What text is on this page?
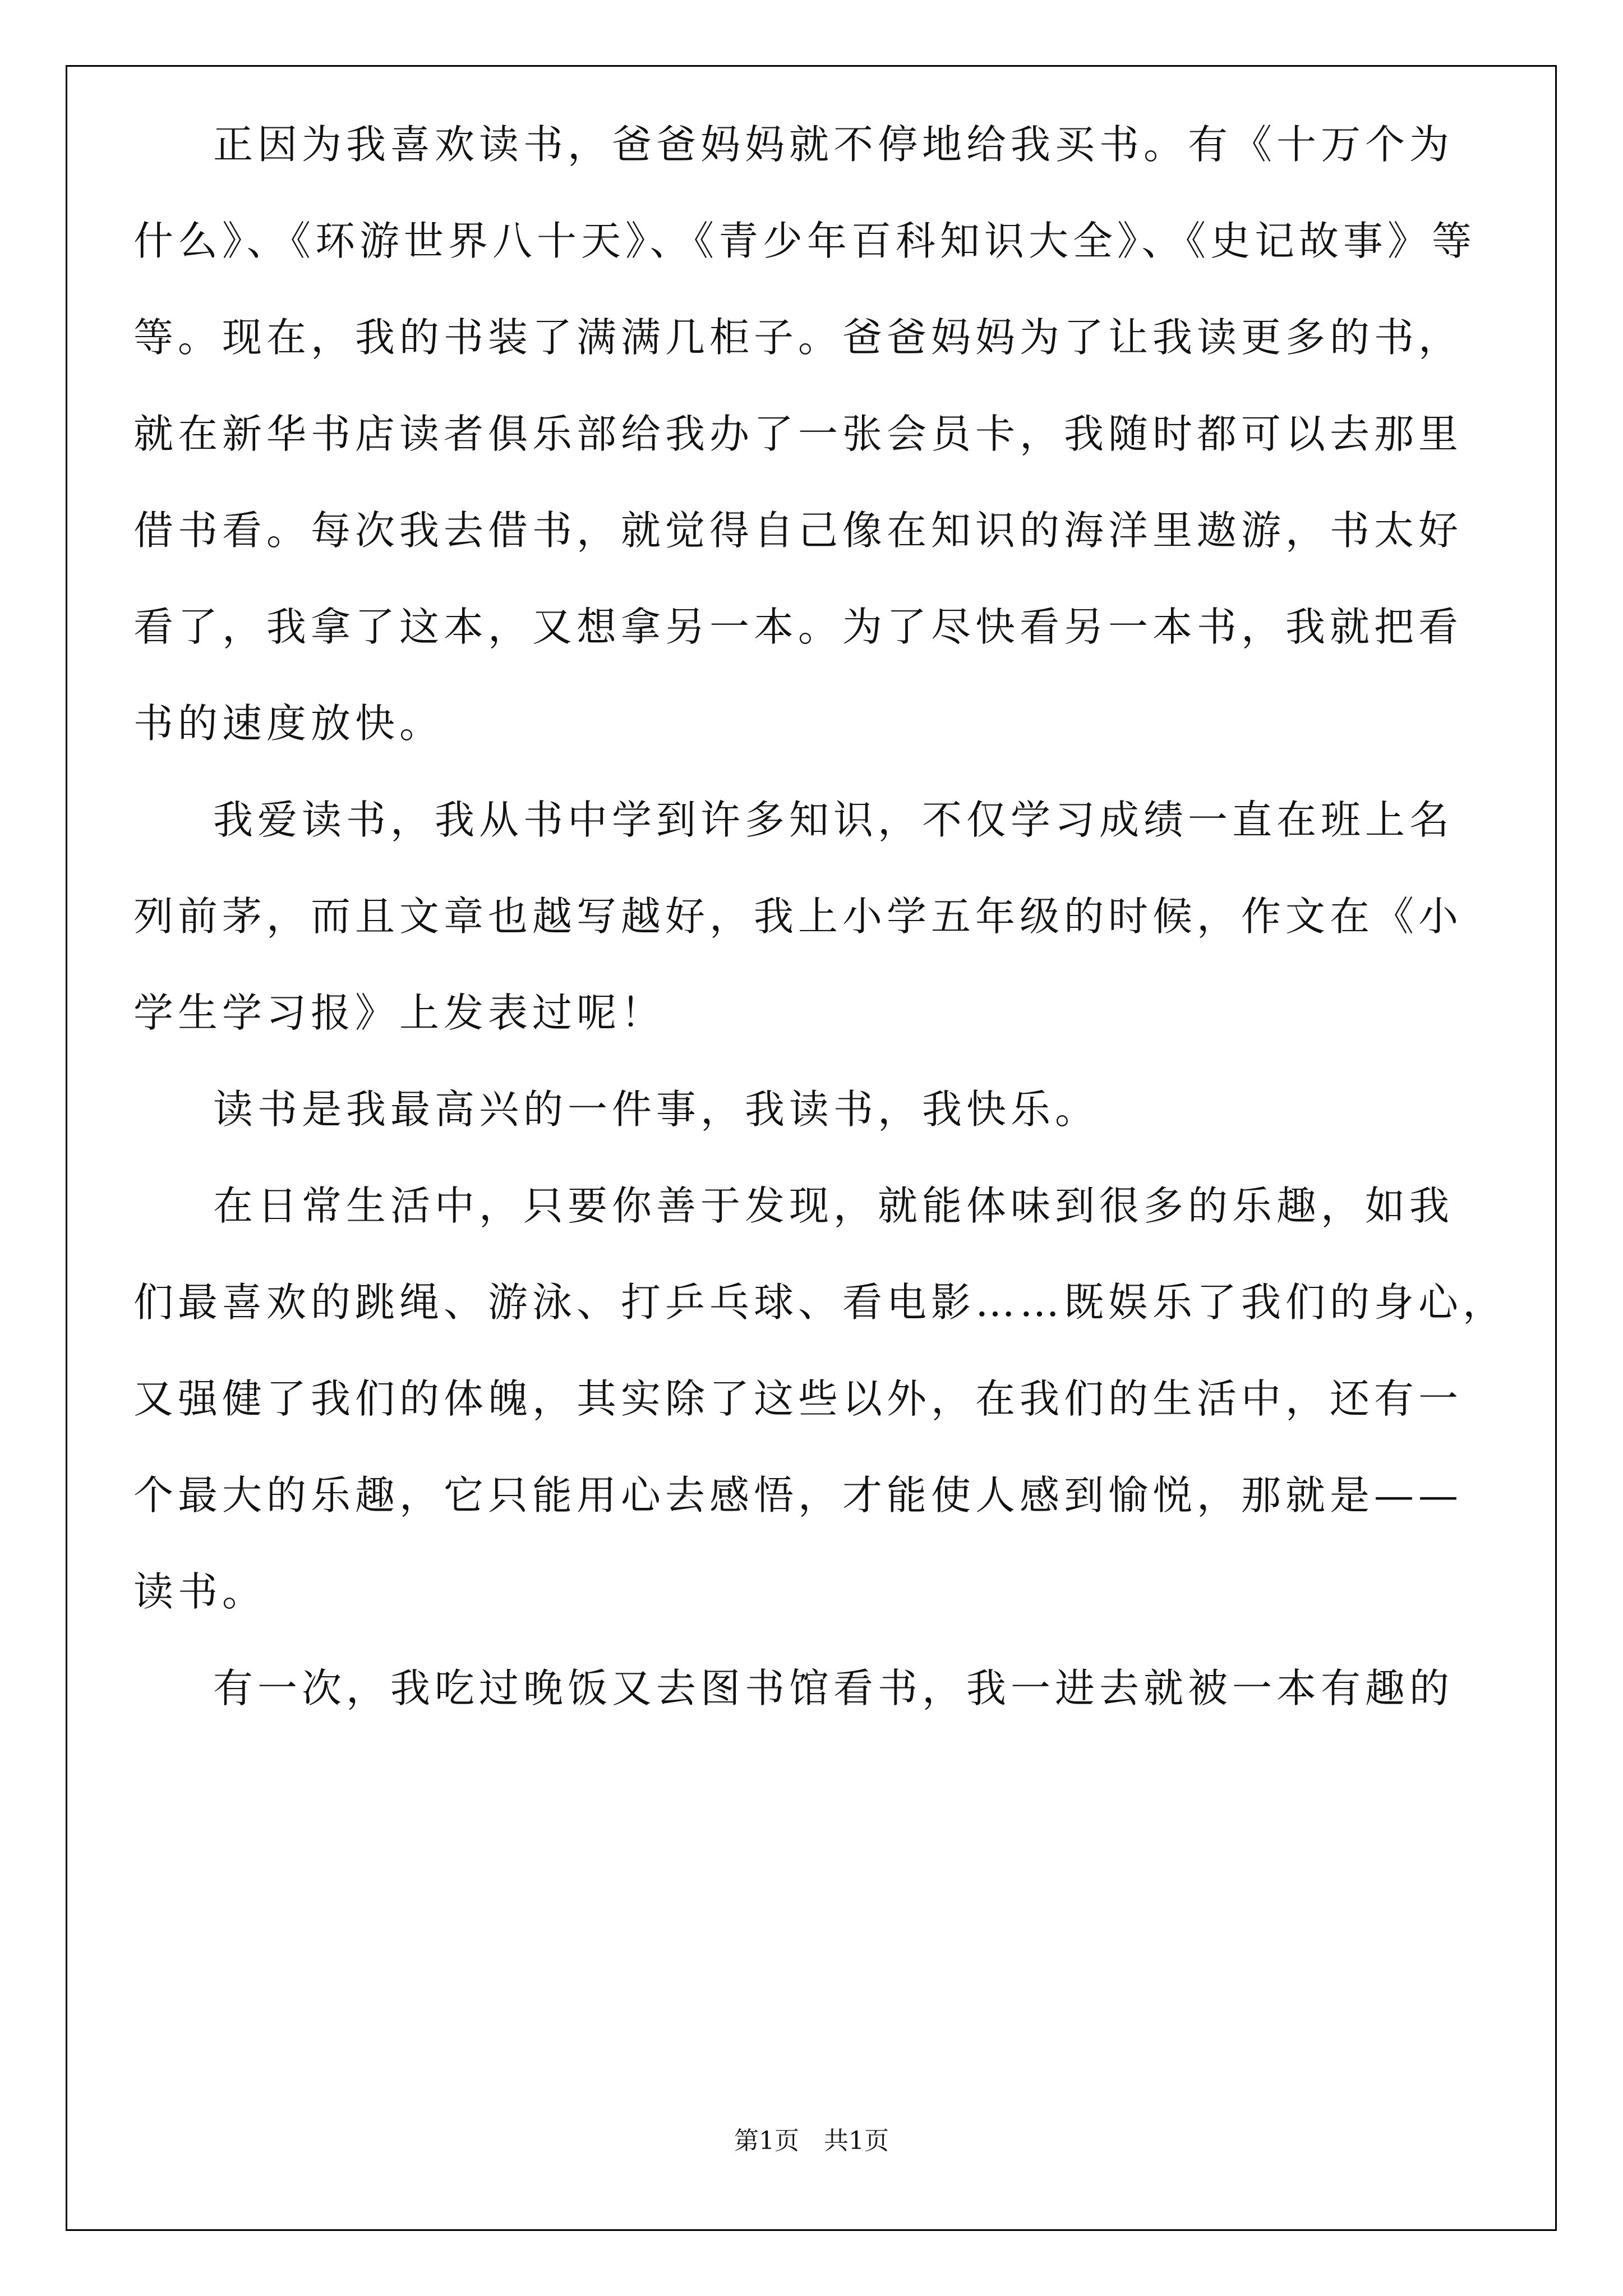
正因为我喜欢读书，爸爸妈妈就不停地给我买书。有《十万个为
什么》、《环游世界八十天》、《青少年百科知识大全》、《史记故事》等
等。现在，我的书装了满满几柜子。爸爸妈妈为了让我读更多的书，
就在新华书店读者俱乐部给我办了一张会员卡，我随时都可以去那里
借书看。每次我去借书，就觉得自己像在知识的海洋里遨游，书太好
看了，我拿了这本，又想拿另一本。为了尽快看另一本书，我就把看
书的速度放快。
我爱读书，我从书中学到许多知识，不仅学习成绩一直在班上名
列前茅，而且文章也越写越好，我上小学五年级的时候，作文在《小
学生学习报》上发表过呢！
读书是我最高兴的一件事，我读书，我快乐。
在日常生活中，只要你善于发现，就能体味到很多的乐趣，如我
们最喜欢的跳绳、游泳、打乒乓球、看电影……既娱乐了我们的身心，
又强健了我们的体魄，其实除了这些以外，在我们的生活中，还有一
个最大的乐趣，它只能用心去感悟，才能使人感到愉悦，那就是——
读书。
有一次，我吃过晚饭又去图书馆看书，我一进去就被一本有趣的
第1页　共1页
